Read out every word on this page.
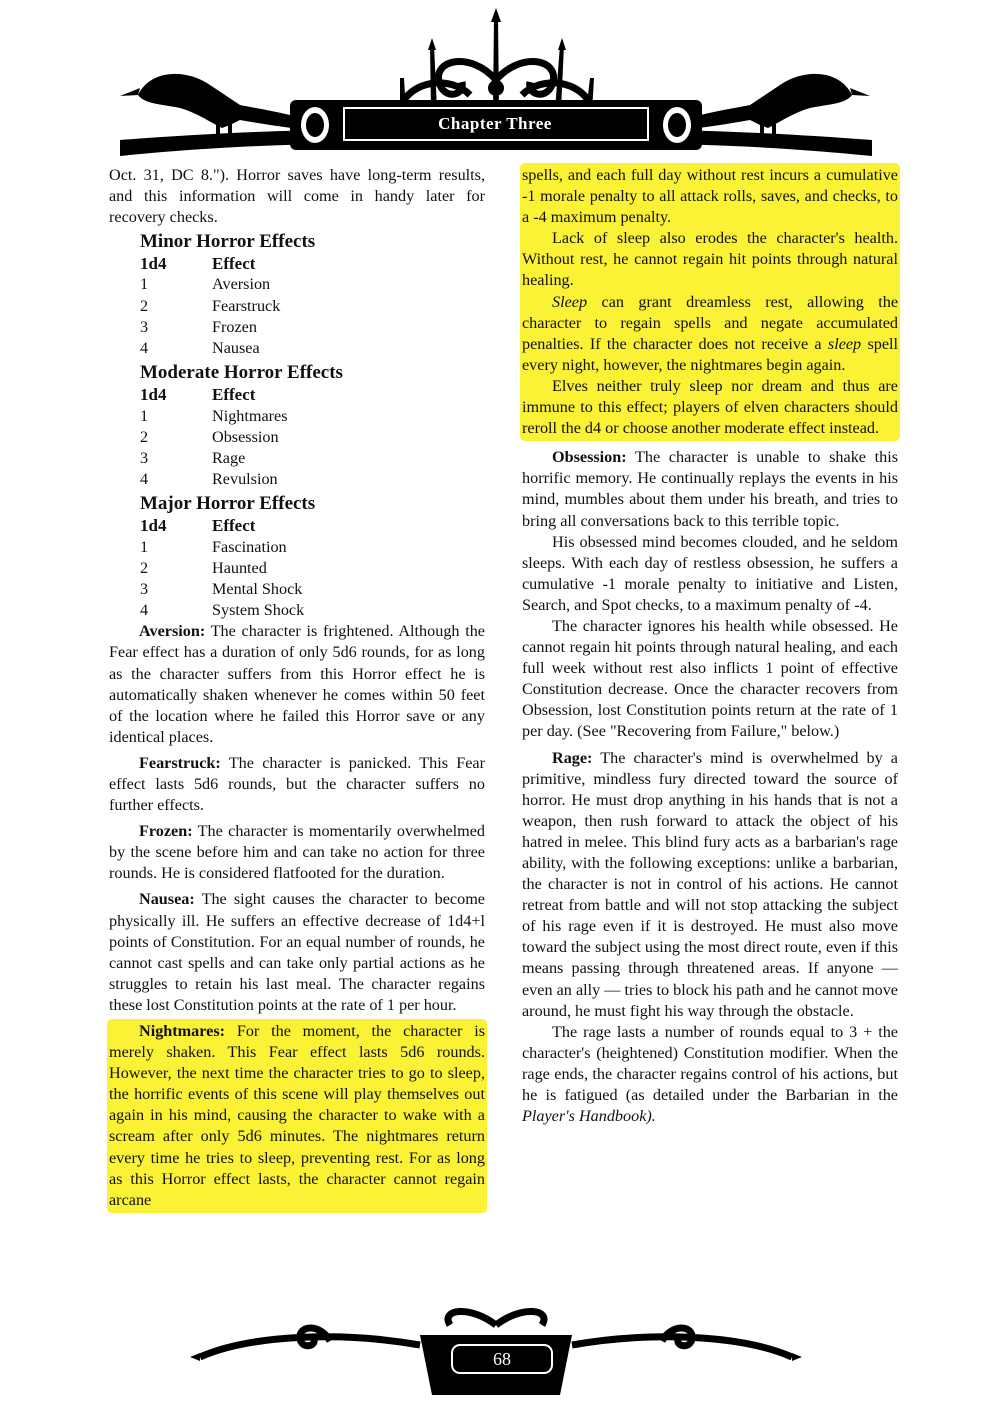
Chapter Three

Oct. 31, DC 8."). Horror saves have long-term results, and this information will come in handy later for recovery checks.

Minor Horror Effects
1d4	Effect
1	Aversion
2	Fearstruck
3	Frozen
4	Nausea
Moderate Horror Effects
1d4	Effect
1	Nightmares
2	Obsession
3	Rage
4	Revulsion
Major Horror Effects
1d4	Effect
1	Fascination
2	Haunted
3	Mental Shock
4	System Shock

Aversion: The character is frightened. Although the Fear effect has a duration of only 5d6 rounds, for as long as the character suffers from this Horror effect he is automatically shaken whenever he comes within 50 feet of the location where he failed this Horror save or any identical places.

Fearstruck: The character is panicked. This Fear effect lasts 5d6 rounds, but the character suffers no further effects.

Frozen: The character is momentarily overwhelmed by the scene before him and can take no action for three rounds. He is considered flatfooted for the duration.

Nausea: The sight causes the character to become physically ill. He suffers an effective decrease of 1d4+l points of Constitution. For an equal number of rounds, he cannot cast spells and can take only partial actions as he struggles to retain his last meal. The character regains these lost Constitution points at the rate of 1 per hour.

Nightmares: For the moment, the character is merely shaken. This Fear effect lasts 5d6 rounds. However, the next time the character tries to go to sleep, the horrific events of this scene will play themselves out again in his mind, causing the character to wake with a scream after only 5d6 minutes. The nightmares return every time he tries to sleep, preventing rest. For as long as this Horror effect lasts, the character cannot regain arcane

spells, and each full day without rest incurs a cumulative -1 morale penalty to all attack rolls, saves, and checks, to a -4 maximum penalty.

Lack of sleep also erodes the character's health. Without rest, he cannot regain hit points through natural healing.

Sleep can grant dreamless rest, allowing the character to regain spells and negate accumulated penalties. If the character does not receive a sleep spell every night, however, the nightmares begin again.

Elves neither truly sleep nor dream and thus are immune to this effect; players of elven characters should reroll the d4 or choose another moderate effect instead.

Obsession: The character is unable to shake this horrific memory. He continually replays the events in his mind, mumbles about them under his breath, and tries to bring all conversations back to this terrible topic.

His obsessed mind becomes clouded, and he seldom sleeps. With each day of restless obsession, he suffers a cumulative -1 morale penalty to initiative and Listen, Search, and Spot checks, to a maximum penalty of -4.

The character ignores his health while obsessed. He cannot regain hit points through natural healing, and each full week without rest also inflicts 1 point of effective Constitution decrease. Once the character recovers from Obsession, lost Constitution points return at the rate of 1 per day. (See "Recovering from Failure," below.)

Rage: The character's mind is overwhelmed by a primitive, mindless fury directed toward the source of horror. He must drop anything in his hands that is not a weapon, then rush forward to attack the object of his hatred in melee. This blind fury acts as a barbarian's rage ability, with the following exceptions: unlike a barbarian, the character is not in control of his actions. He cannot retreat from battle and will not stop attacking the subject of his rage even if it is destroyed. He must also move toward the subject using the most direct route, even if this means passing through threatened areas. If anyone — even an ally — tries to block his path and he cannot move around, he must fight his way through the obstacle.

The rage lasts a number of rounds equal to 3 + the character's (heightened) Constitution modifier. When the rage ends, the character regains control of his actions, but he is fatigued (as detailed under the Barbarian in the Player's Handbook).

68
